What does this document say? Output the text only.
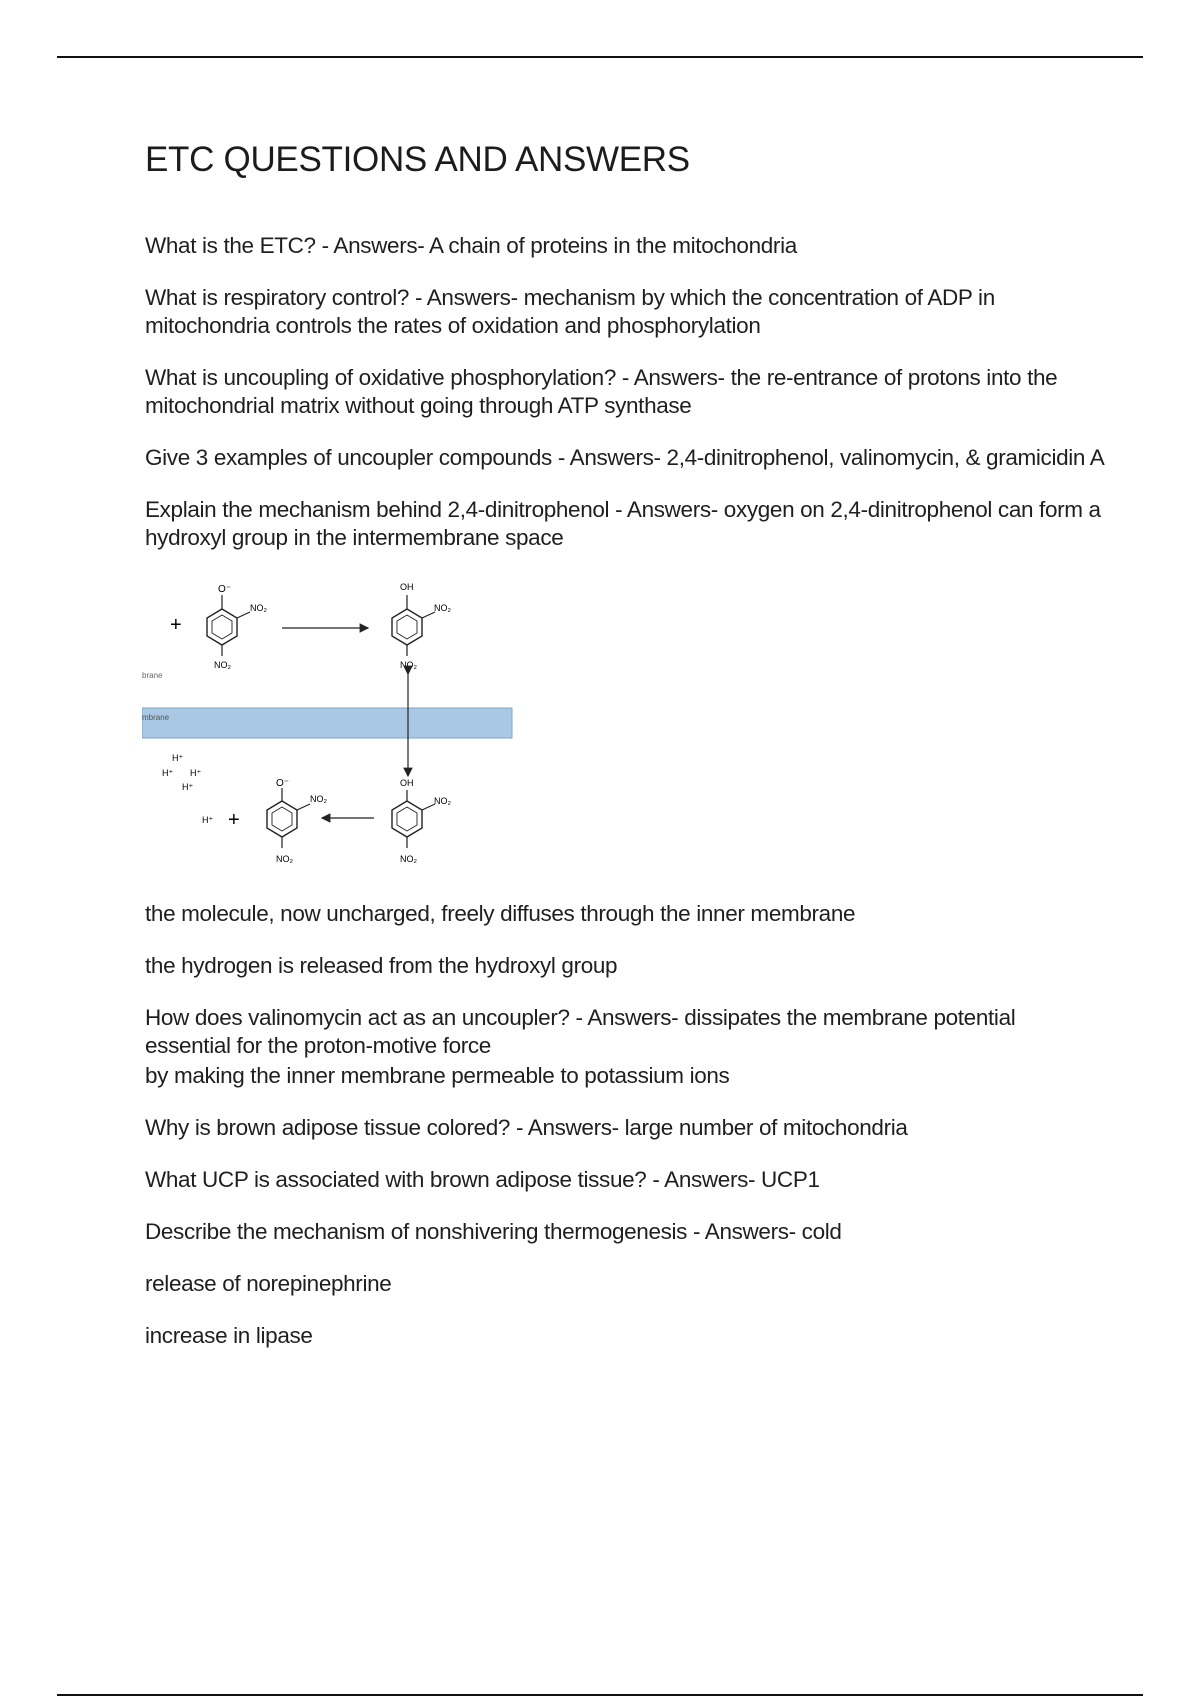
ETC QUESTIONS AND ANSWERS

What is the ETC? - Answers- A chain of proteins in the mitochondria

What is respiratory control? - Answers- mechanism by which the concentration of ADP in mitochondria controls the rates of oxidation and phosphorylation

What is uncoupling of oxidative phosphorylation? - Answers- the re-entrance of protons into the mitochondrial matrix without going through ATP synthase

Give 3 examples of uncoupler compounds - Answers- 2,4-dinitrophenol, valinomycin, & gramicidin A

Explain the mechanism behind 2,4-dinitrophenol - Answers- oxygen on 2,4-dinitrophenol can form a hydroxyl group in the intermembrane space

brane
mbrane
O⁻
NO₂
NO₂
+
OH
NO₂
NO₂
OH
NO₂
NO₂
O⁻
NO₂
NO₂
+
H⁺
H⁺ H⁺
H⁺
H⁺

the molecule, now uncharged, freely diffuses through the inner membrane

the hydrogen is released from the hydroxyl group

How does valinomycin act as an uncoupler? - Answers- dissipates the membrane potential essential for the proton-motive force

by making the inner membrane permeable to potassium ions

Why is brown adipose tissue colored? - Answers- large number of mitochondria

What UCP is associated with brown adipose tissue? - Answers- UCP1

Describe the mechanism of nonshivering thermogenesis - Answers- cold

release of norepinephrine

increase in lipase
